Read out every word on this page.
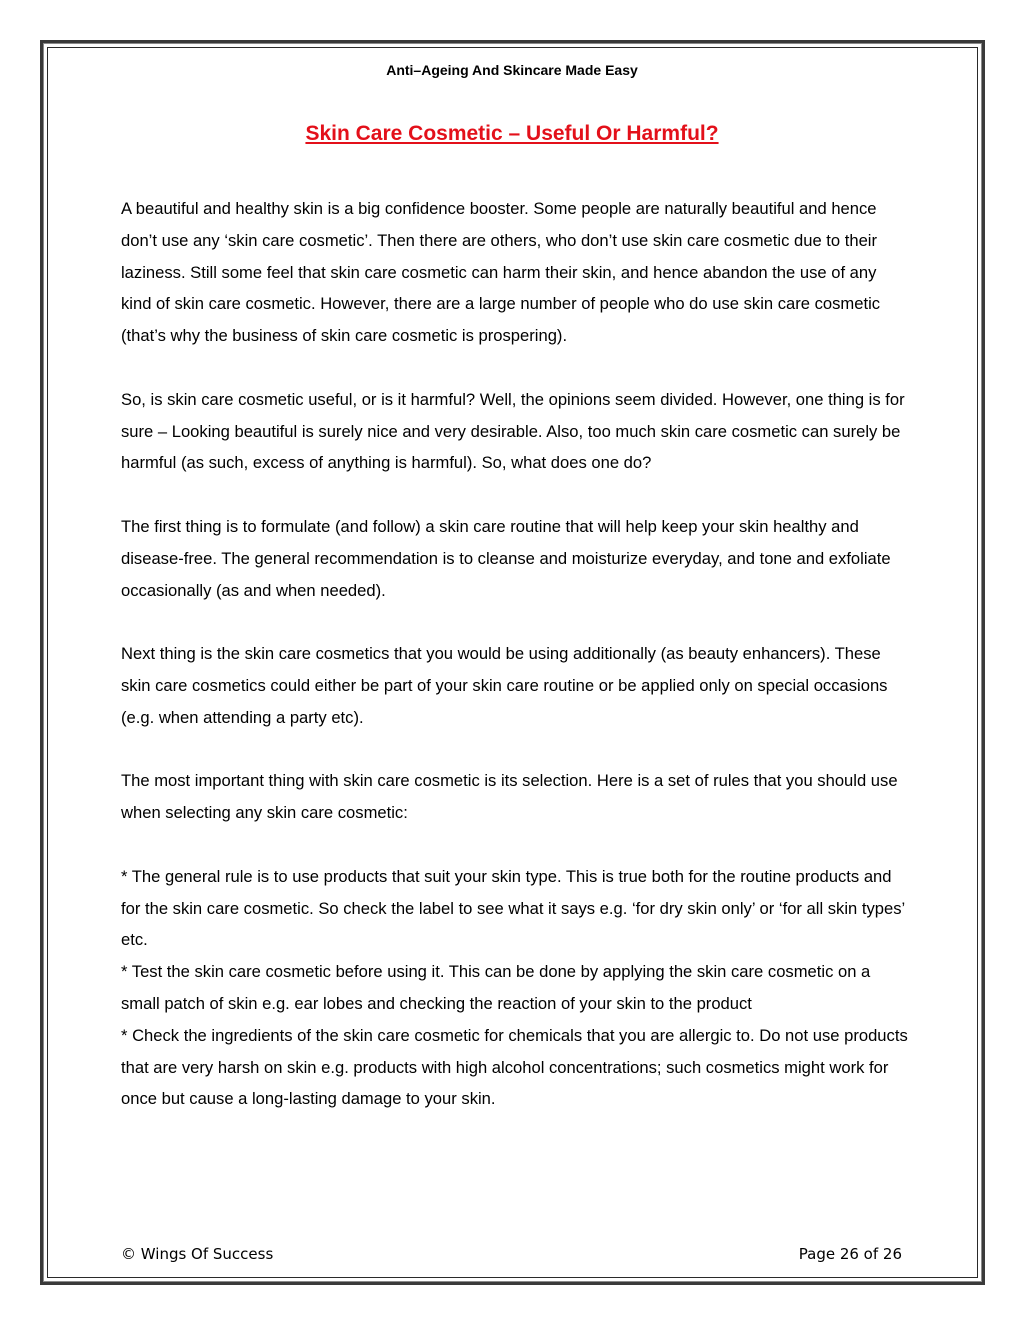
Anti–Ageing And Skincare Made Easy
Skin Care Cosmetic – Useful Or Harmful?

A beautiful and healthy skin is a big confidence booster. Some people are naturally beautiful and hence don’t use any ‘skin care cosmetic’. Then there are others, who don’t use skin care cosmetic due to their laziness. Still some feel that skin care cosmetic can harm their skin, and hence abandon the use of any kind of skin care cosmetic. However, there are a large number of people who do use skin care cosmetic (that’s why the business of skin care cosmetic is prospering).

So, is skin care cosmetic useful, or is it harmful? Well, the opinions seem divided. However, one thing is for sure – Looking beautiful is surely nice and very desirable. Also, too much skin care cosmetic can surely be harmful (as such, excess of anything is harmful). So, what does one do?

The first thing is to formulate (and follow) a skin care routine that will help keep your skin healthy and disease-free. The general recommendation is to cleanse and moisturize everyday, and tone and exfoliate occasionally (as and when needed).

Next thing is the skin care cosmetics that you would be using additionally (as beauty enhancers). These skin care cosmetics could either be part of your skin care routine or be applied only on special occasions (e.g. when attending a party etc).

The most important thing with skin care cosmetic is its selection. Here is a set of rules that you should use when selecting any skin care cosmetic:

* The general rule is to use products that suit your skin type. This is true both for the routine products and for the skin care cosmetic. So check the label to see what it says e.g. ‘for dry skin only’ or ‘for all skin types’ etc.

* Test the skin care cosmetic before using it. This can be done by applying the skin care cosmetic on a small patch of skin e.g. ear lobes and checking the reaction of your skin to the product

* Check the ingredients of the skin care cosmetic for chemicals that you are allergic to. Do not use products that are very harsh on skin e.g. products with high alcohol concentrations; such cosmetics might work for once but cause a long-lasting damage to your skin.

© Wings Of Success	Page 26 of 26
